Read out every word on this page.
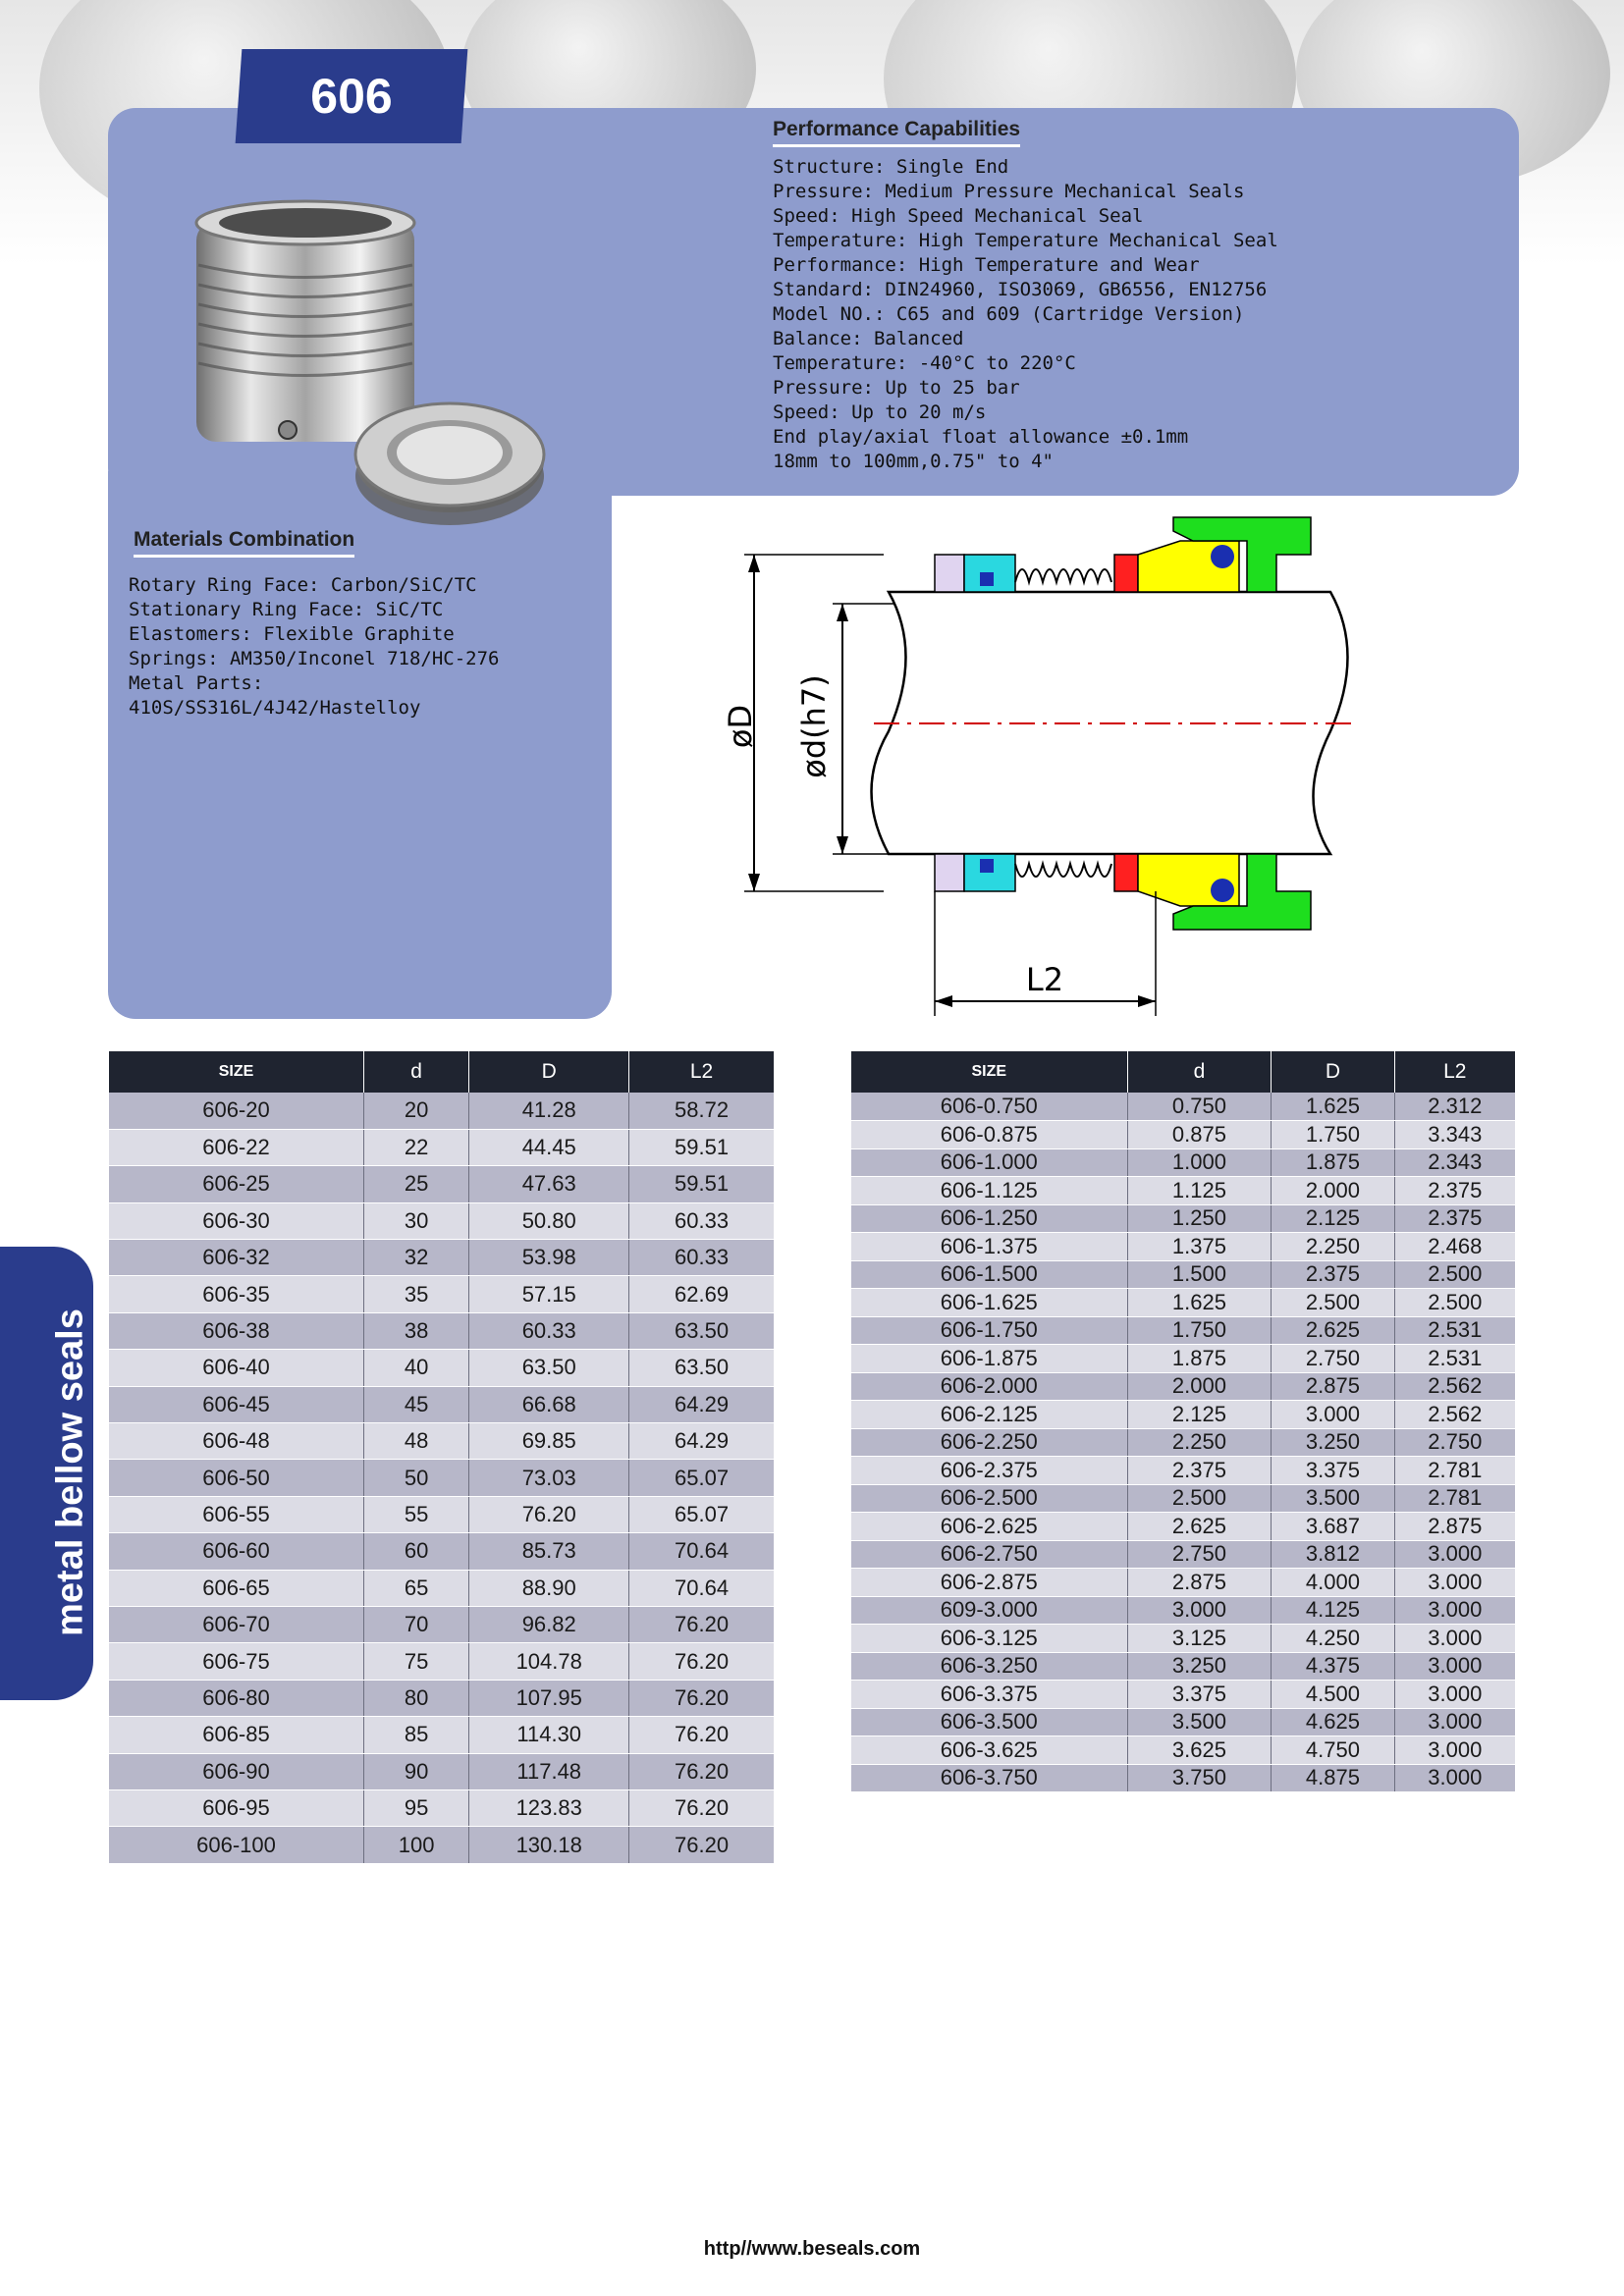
606
Performance Capabilities
Structure: Single End
Pressure: Medium Pressure Mechanical Seals
Speed: High Speed Mechanical Seal
Temperature: High Temperature Mechanical Seal
Performance: High Temperature and Wear
Standard: DIN24960, ISO3069, GB6556, EN12756
Model NO.: C65 and 609 (Cartridge Version)
Balance: Balanced
Temperature: -40°C to 220°C
Pressure: Up to 25 bar
Speed: Up to 20 m/s
End play/axial float allowance ±0.1mm
18mm to 100mm,0.75" to 4"
Materials Combination
Rotary Ring Face: Carbon/SiC/TC
Stationary Ring Face: SiC/TC
Elastomers: Flexible Graphite
Springs: AM350/Inconel 718/HC-276
Metal Parts:
410S/SS316L/4J42/Hastelloy	øD ød(h7)
L2
metal bellow seals
SIZE	d	D	L2
606-20	20	41.28	58.72
606-22	22	44.45	59.51
606-25	25	47.63	59.51
606-30	30	50.80	60.33
606-32	32	53.98	60.33
606-35	35	57.15	62.69
606-38	38	60.33	63.50
606-40	40	63.50	63.50
606-45	45	66.68	64.29
606-48	48	69.85	64.29
606-50	50	73.03	65.07
606-55	55	76.20	65.07
606-60	60	85.73	70.64
606-65	65	88.90	70.64
606-70	70	96.82	76.20
606-75	75	104.78	76.20
606-80	80	107.95	76.20
606-85	85	114.30	76.20
606-90	90	117.48	76.20
606-95	95	123.83	76.20
606-100	100	130.18	76.20
SIZE	d	D	L2
606-0.750	0.750	1.625	2.312
606-0.875	0.875	1.750	3.343
606-1.000	1.000	1.875	2.343
606-1.125	1.125	2.000	2.375
606-1.250	1.250	2.125	2.375
606-1.375	1.375	2.250	2.468
606-1.500	1.500	2.375	2.500
606-1.625	1.625	2.500	2.500
606-1.750	1.750	2.625	2.531
606-1.875	1.875	2.750	2.531
606-2.000	2.000	2.875	2.562
606-2.125	2.125	3.000	2.562
606-2.250	2.250	3.250	2.750
606-2.375	2.375	3.375	2.781
606-2.500	2.500	3.500	2.781
606-2.625	2.625	3.687	2.875
606-2.750	2.750	3.812	3.000
606-2.875	2.875	4.000	3.000
609-3.000	3.000	4.125	3.000
606-3.125	3.125	4.250	3.000
606-3.250	3.250	4.375	3.000
606-3.375	3.375	4.500	3.000
606-3.500	3.500	4.625	3.000
606-3.625	3.625	4.750	3.000
606-3.750	3.750	4.875	3.000
http//www.beseals.com
